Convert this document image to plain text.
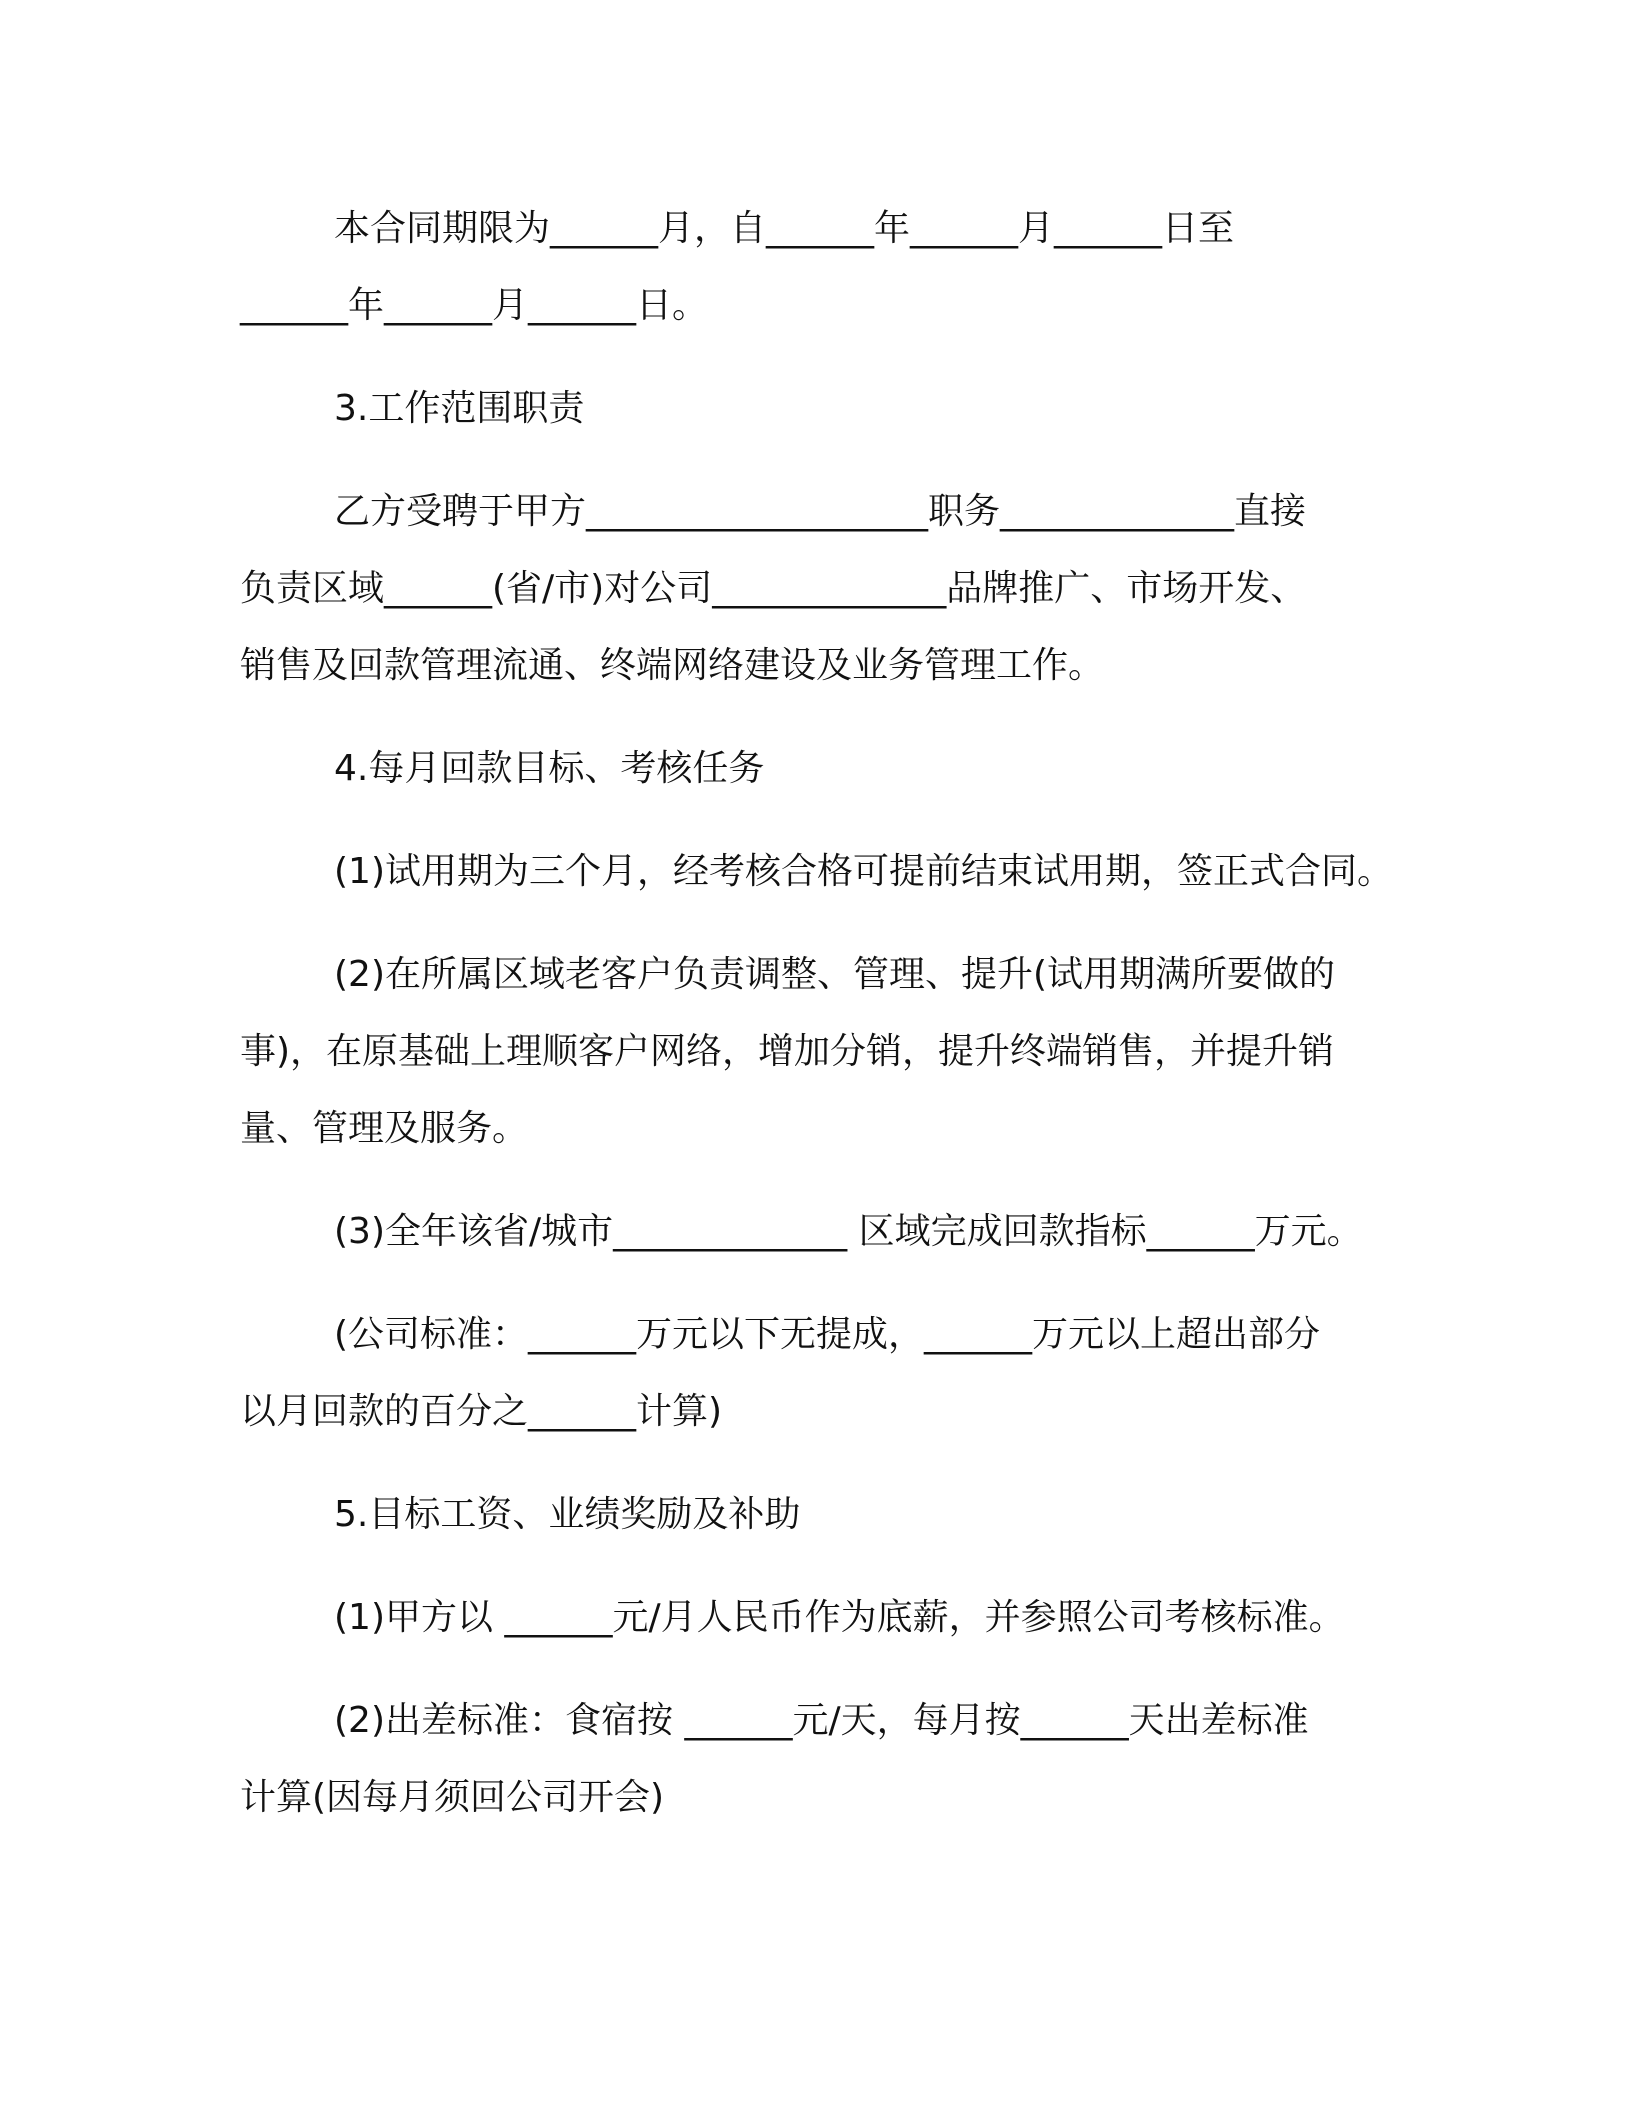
本合同期限为______月，自______年______月______日至
______年______月______日。
3.工作范围职责
乙方受聘于甲方___________________职务_____________直接
负责区域______(省/市)对公司_____________品牌推广、市场开发、
销售及回款管理流通、终端网络建设及业务管理工作。
4.每月回款目标、考核任务
(1)试用期为三个月，经考核合格可提前结束试用期，签正式合同。
(2)在所属区域老客户负责调整、管理、提升(试用期满所要做的
事)，在原基础上理顺客户网络，增加分销，提升终端销售，并提升销
量、管理及服务。
(3)全年该省/城市_____________ 区域完成回款指标______万元。
(公司标准：______万元以下无提成，______万元以上超出部分
以月回款的百分之______计算)
5.目标工资、业绩奖励及补助
(1)甲方以 ______元/月人民币作为底薪，并参照公司考核标准。
(2)出差标准：食宿按 ______元/天，每月按______天出差标准
计算(因每月须回公司开会)
